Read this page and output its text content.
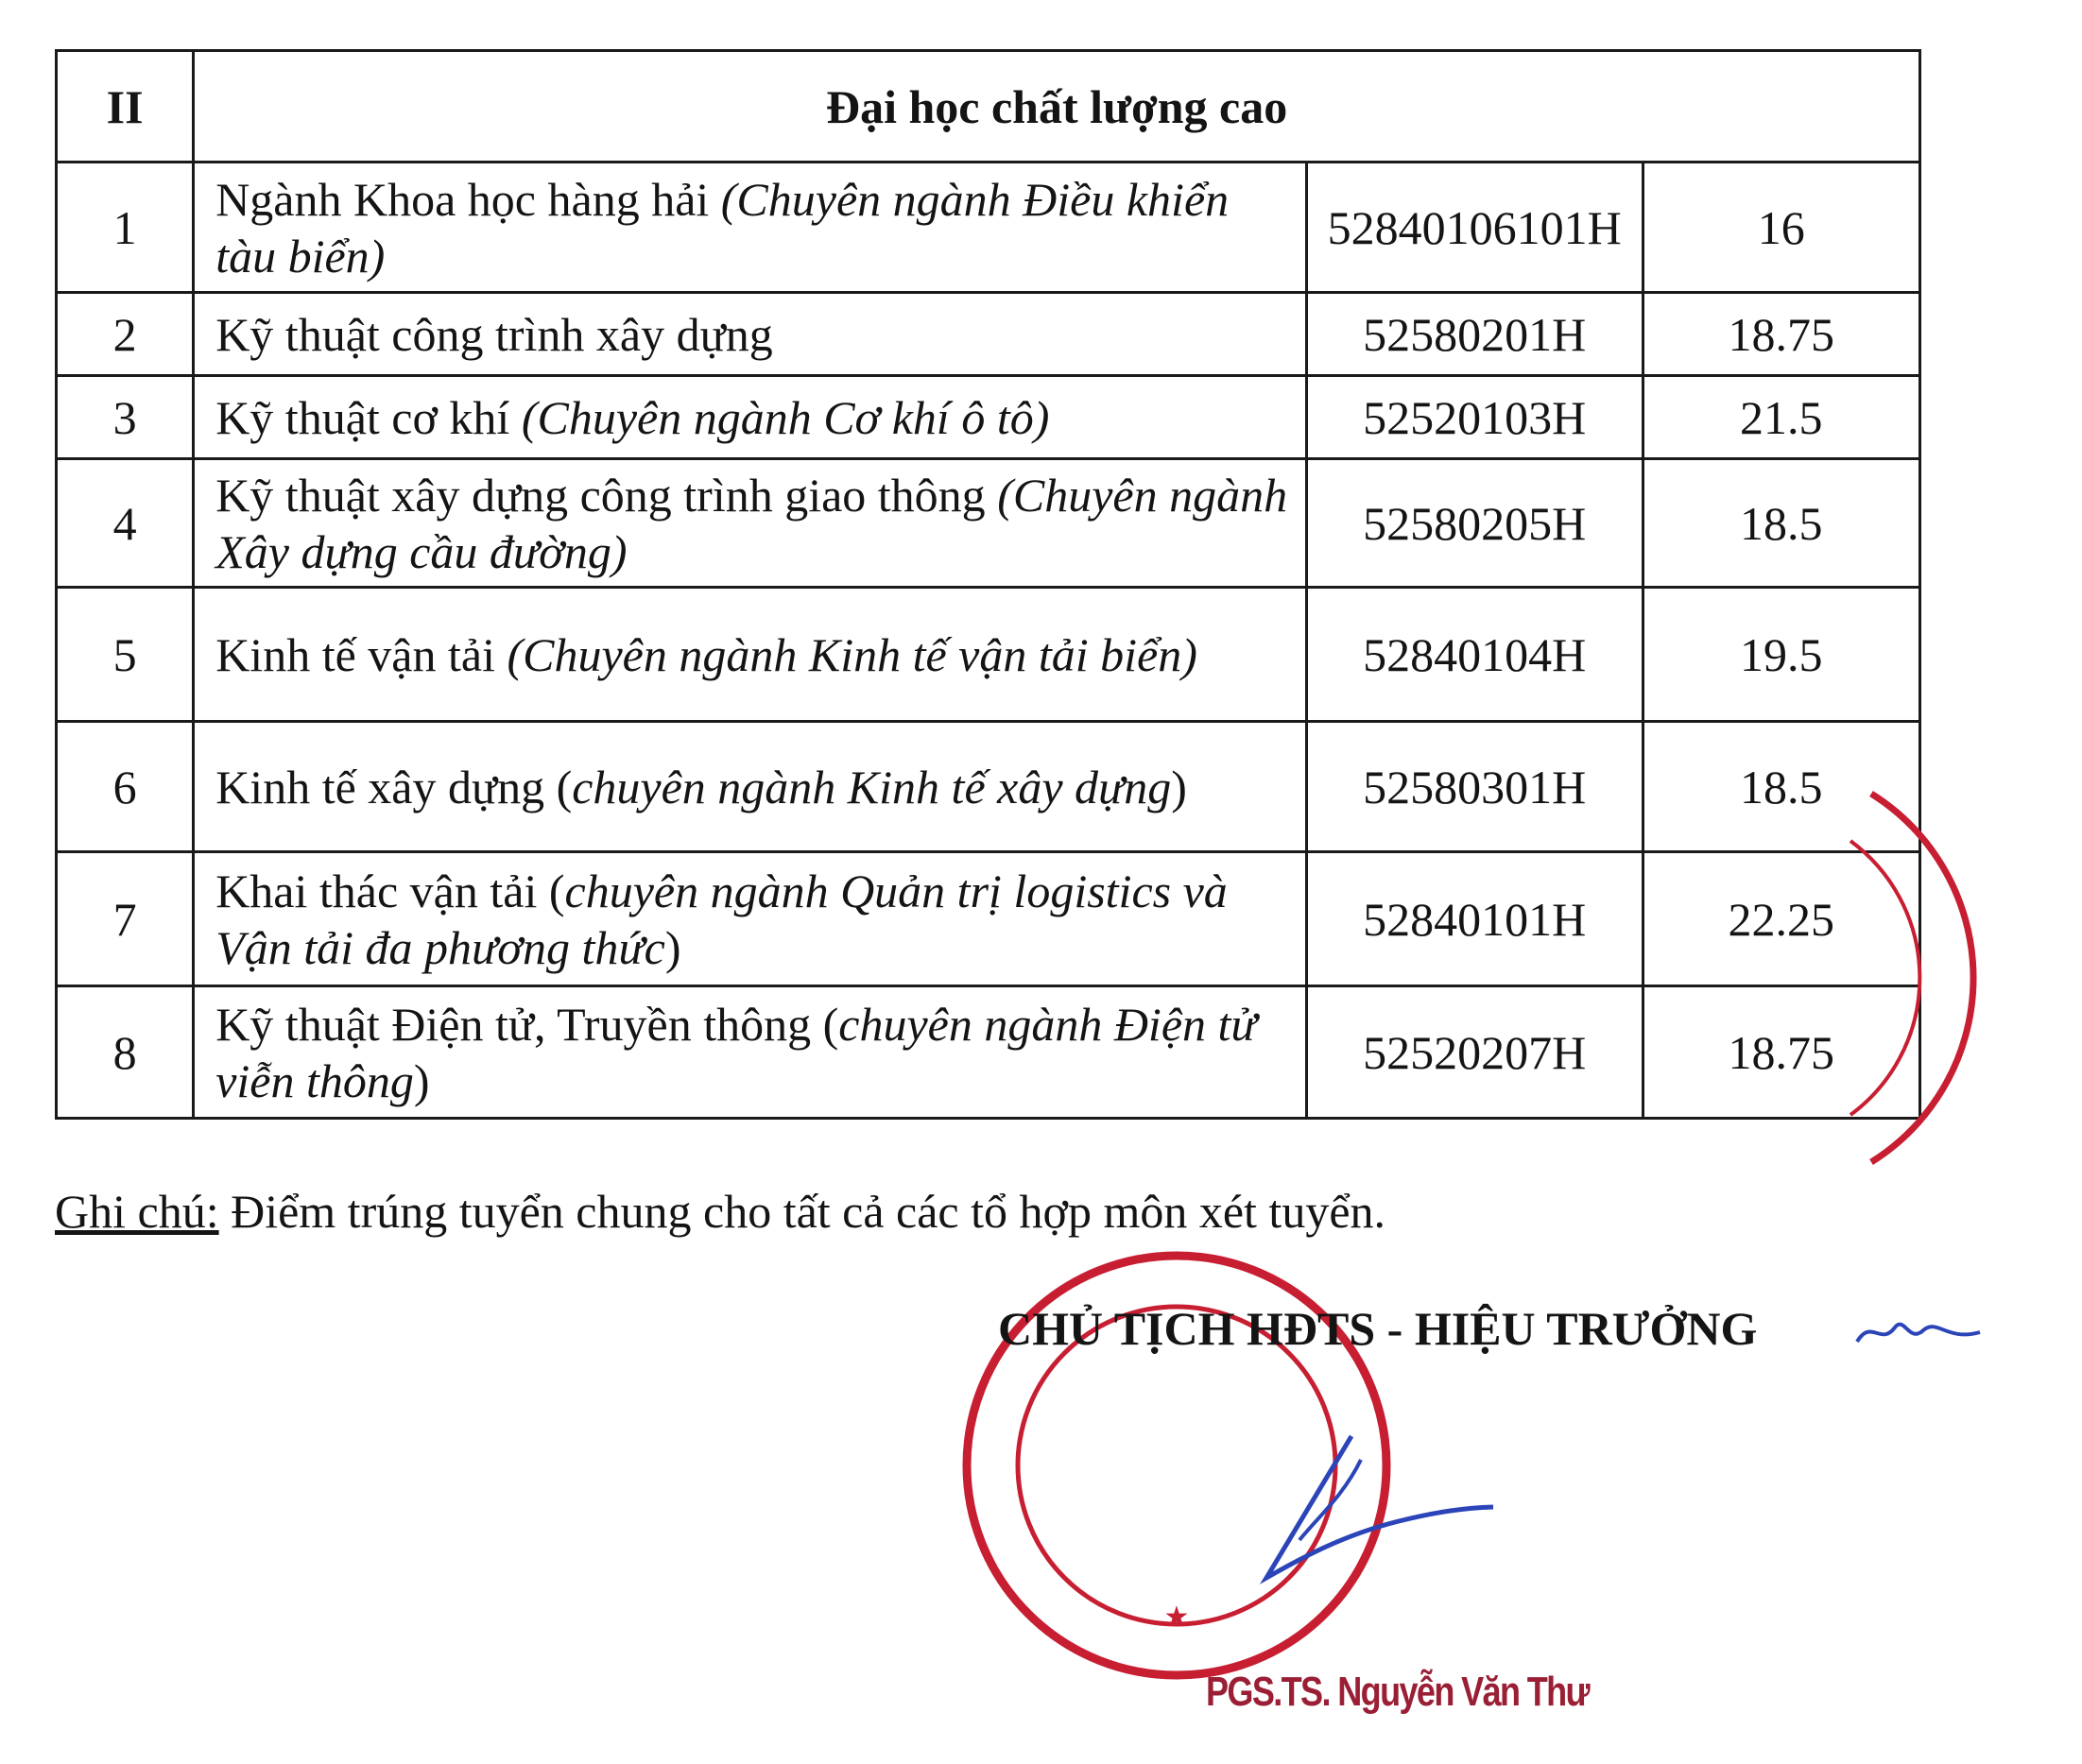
II	Đại học chất lượng cao		
1	Ngành Khoa học hàng hải (Chuyên ngành Điều khiển tàu biển)	52840106101H	16
2	Kỹ thuật công trình xây dựng	52580201H	18.75
3	Kỹ thuật cơ khí (Chuyên ngành Cơ khí ô tô)	52520103H	21.5
4	Kỹ thuật xây dựng công trình giao thông (Chuyên ngành Xây dựng cầu đường)	52580205H	18.5
5	Kinh tế vận tải (Chuyên ngành Kinh tế vận tải biển)	52840104H	19.5
6	Kinh tế xây dựng (chuyên ngành Kinh tế xây dựng)	52580301H	18.5
7	Khai thác vận tải (chuyên ngành Quản trị logistics và Vận tải đa phương thức)	52840101H	22.25
8	Kỹ thuật Điện tử, Truyền thông (chuyên ngành Điện tử viễn thông)	52520207H	18.75
Ghi chú: Điểm trúng tuyển chung cho tất cả các tổ hợp môn xét tuyển.
★
CHỦ TỊCH HĐTS - HIỆU TRƯỞNG
PGS.TS. Nguyễn Văn Thư
